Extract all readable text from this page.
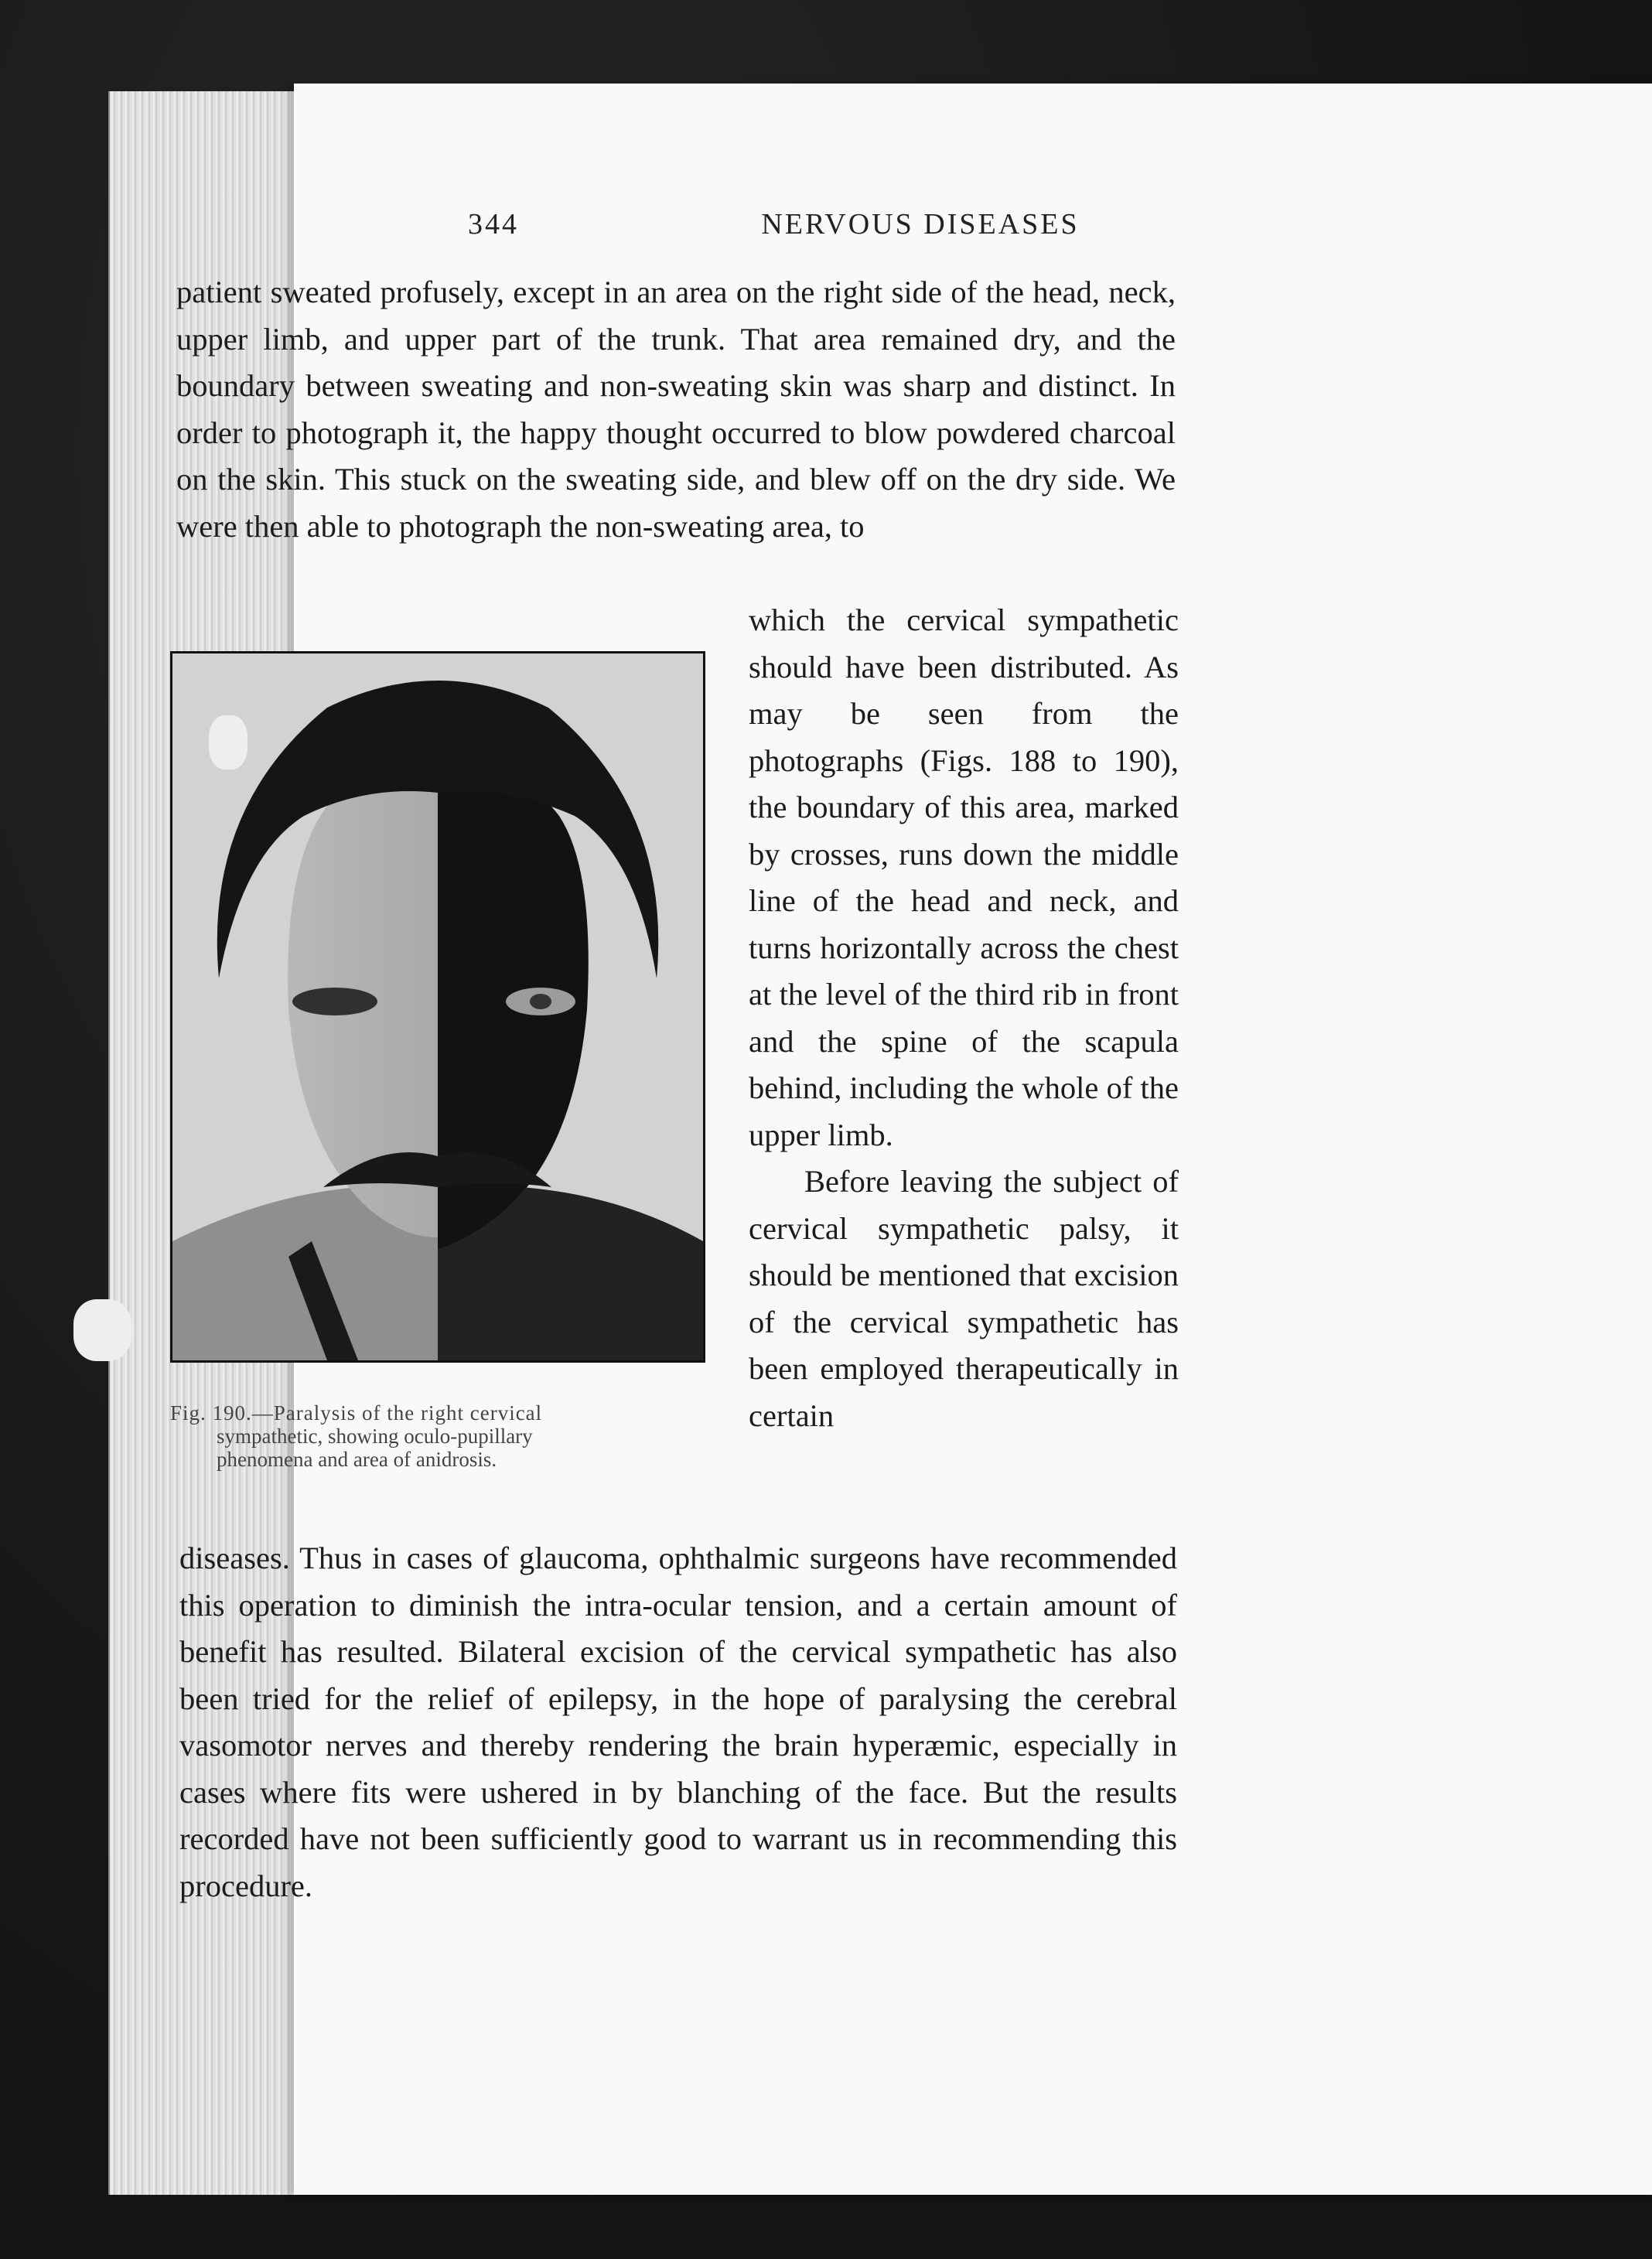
344	NERVOUS DISEASES

patient sweated profusely, except in an area on the right side of the head, neck, upper limb, and upper part of the trunk. That area remained dry, and the boundary between sweating and non-sweating skin was sharp and distinct. In order to photograph it, the happy thought occurred to blow powdered charcoal on the skin. This stuck on the sweating side, and blew off on the dry side. We were then able to photograph the non-sweating area, to

Fig. 190.—Paralysis of the right cervical
sympathetic, showing oculo-pupillary
phenomena and area of anidrosis.

which the cervical sympathetic should have been distributed. As may be seen from the photographs (Figs. 188 to 190), the boundary of this area, marked by crosses, runs down the middle line of the head and neck, and turns horizontally across the chest at the level of the third rib in front and the spine of the scapula behind, including the whole of the upper limb.

Before leaving the subject of cervical sympathetic palsy, it should be mentioned that excision of the cervical sympathetic has been employed therapeutically in certain

diseases. Thus in cases of glaucoma, ophthalmic surgeons have recommended this operation to diminish the intra-ocular tension, and a certain amount of benefit has resulted. Bilateral excision of the cervical sympathetic has also been tried for the relief of epilepsy, in the hope of paralysing the cerebral vasomotor nerves and thereby rendering the brain hyperæmic, especially in cases where fits were ushered in by blanching of the face. But the results recorded have not been sufficiently good to warrant us in recommending this procedure.
